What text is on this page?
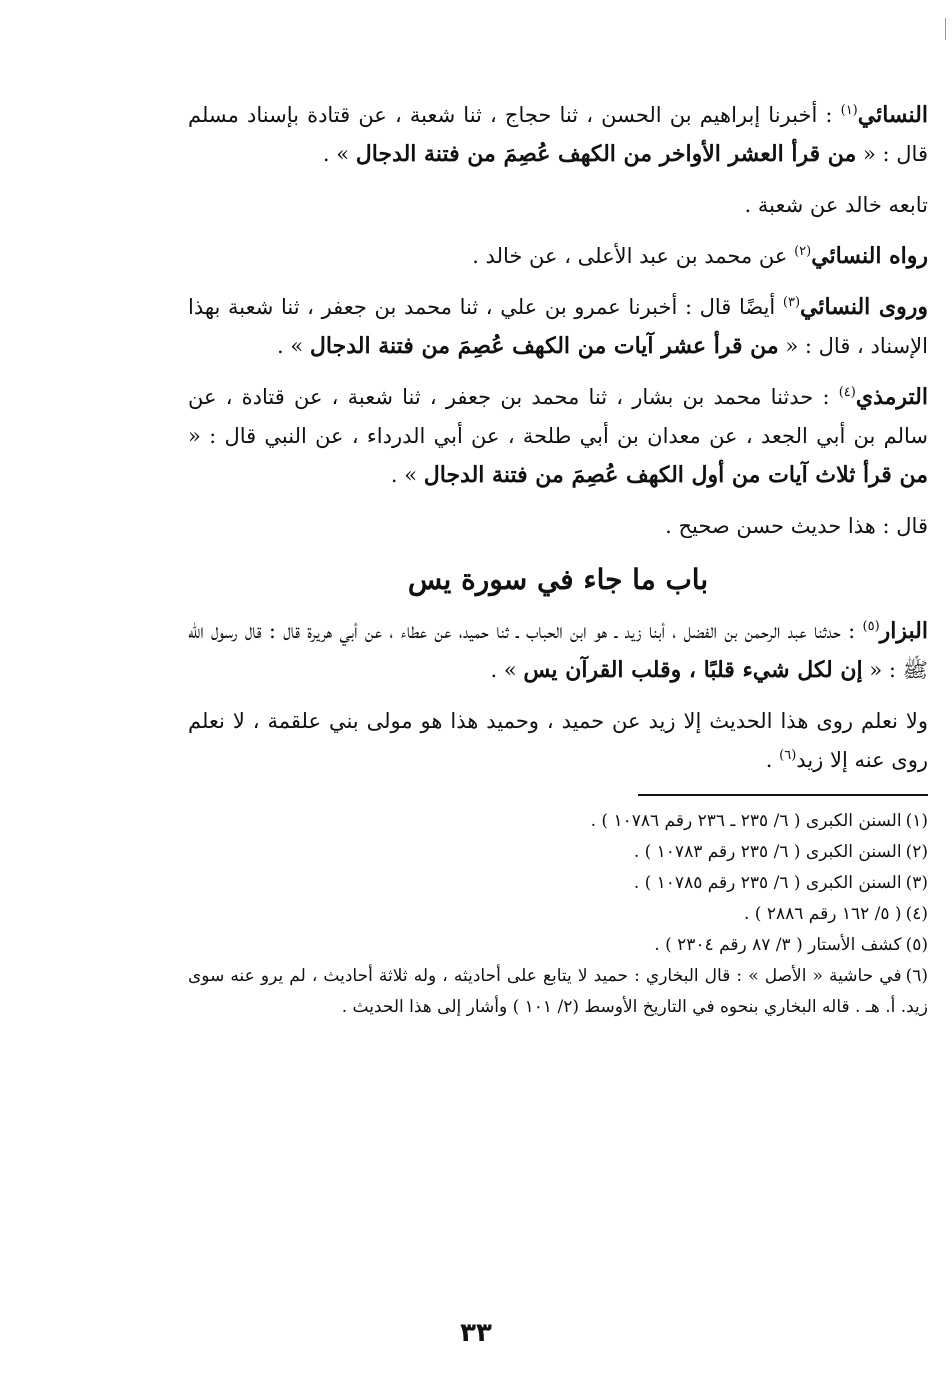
النسائي$^{(١)}$ : أخبرنا إبراهيم بن الحسن ، ثنا حجاج ، ثنا شعبة ، عن قتادة بإسناد مسلم قال : « من قرأ العشر الأواخر من الكهف عُصِمَ من فتنة الدجال » .

تابعه خالد عن شعبة .

رواه النسائي$^{(٢)}$ عن محمد بن عبد الأعلى ، عن خالد .

وروى النسائي$^{(٣)}$ أيضًا قال : أخبرنا عمرو بن علي ، ثنا محمد بن جعفر ، ثنا شعبة بهذا الإسناد ، قال : « من قرأ عشر آيات من الكهف عُصِمَ من فتنة الدجال » .

الترمذي$^{(٤)}$ : حدثنا محمد بن بشار ، ثنا محمد بن جعفر ، ثنا شعبة ، عن قتادة ، عن سالم بن أبي الجعد ، عن معدان بن أبي طلحة ، عن أبي الدرداء ، عن النبي قال : « من قرأ ثلاث آيات من أول الكهف عُصِمَ من فتنة الدجال » .

قال : هذا حديث حسن صحيح .

باب ما جاء في سورة يس

البزار$^{(٥)}$ : حدثنا عبد الرحمن بن الفضل ، أبنا زيد ـ هو ابن الحباب ـ ثنا حميد، عن عطاء ، عن أبي هريرة قال : قال رسول الله ﷺ : « إن لكل شيء قلبًا ، وقلب القرآن يس » .

ولا نعلم روى هذا الحديث إلا زيد عن حميد ، وحميد هذا هو مولى بني علقمة ، لا نعلم روى عنه إلا زيد$^{(٦)}$ .

(١)السنن الكبرى ( ٦/ ٢٣٥ ـ ٢٣٦ رقم ١٠٧٨٦ ) .

(٢)السنن الكبرى ( ٦/ ٢٣٥ رقم ١٠٧٨٣ ) .

(٣)السنن الكبرى ( ٦/ ٢٣٥ رقم ١٠٧٨٥ ) .

(٤)( ٥/ ١٦٢ رقم ٢٨٨٦ ) .

(٥)كشف الأستار ( ٣/ ٨٧ رقم ٢٣٠٤ ) .

(٦)في حاشية « الأصل » : قال البخاري : حميد لا يتابع على أحاديثه ، وله ثلاثة أحاديث ، لم يرو عنه سوى زيد. أ. هـ . قاله البخاري بنحوه في التاريخ الأوسط (٢/ ١٠١ ) وأشار إلى هذا الحديث .

٣٣
